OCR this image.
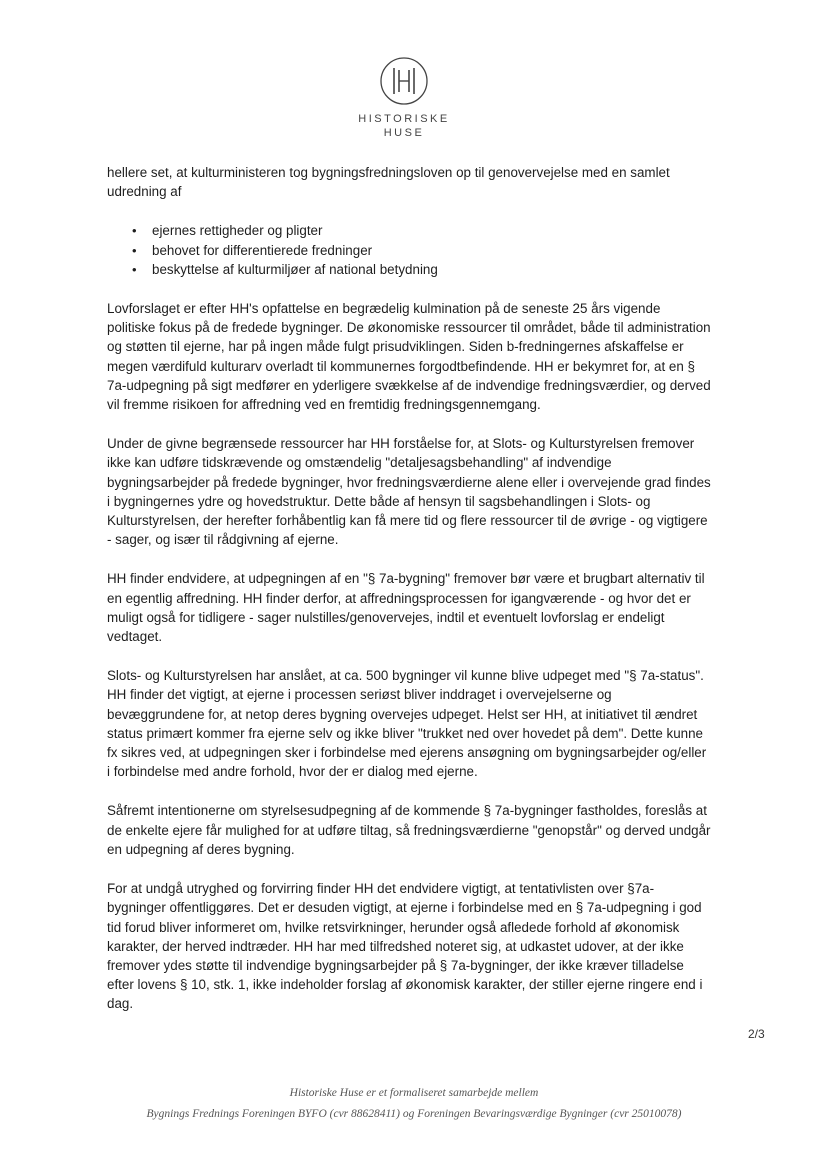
HISTORISKE
HUSE

hellere set, at kulturministeren tog bygningsfredningsloven op til genovervejelse med en samlet udredning af

• ejernes rettigheder og pligter
• behovet for differentierede fredninger
• beskyttelse af kulturmiljøer af national betydning

Lovforslaget er efter HH's opfattelse en begrædelig kulmination på de seneste 25 års vigende politiske fokus på de fredede bygninger. De økonomiske ressourcer til området, både til administration og støtten til ejerne, har på ingen måde fulgt prisudviklingen. Siden b-fredningernes afskaffelse er megen værdifuld kulturarv overladt til kommunernes forgodtbefindende. HH er bekymret for, at en § 7a-udpegning på sigt medfører en yderligere svækkelse af de indvendige fredningsværdier, og derved vil fremme risikoen for affredning ved en fremtidig fredningsgennemgang.

Under de givne begrænsede ressourcer har HH forståelse for, at Slots- og Kulturstyrelsen fremover ikke kan udføre tidskrævende og omstændelig "detaljesagsbehandling" af indvendige bygningsarbejder på fredede bygninger, hvor fredningsværdierne alene eller i overvejende grad findes i bygningernes ydre og hovedstruktur. Dette både af hensyn til sagsbehandlingen i Slots- og Kulturstyrelsen, der herefter forhåbentlig kan få mere tid og flere ressourcer til de øvrige - og vigtigere - sager, og især til rådgivning af ejerne.

HH finder endvidere, at udpegningen af en "§ 7a-bygning" fremover bør være et brugbart alternativ til en egentlig affredning. HH finder derfor, at affredningsprocessen for igangværende - og hvor det er muligt også for tidligere - sager nulstilles/genovervejes, indtil et eventuelt lovforslag er endeligt vedtaget.

Slots- og Kulturstyrelsen har anslået, at ca. 500 bygninger vil kunne blive udpeget med "§ 7a-status". HH finder det vigtigt, at ejerne i processen seriøst bliver inddraget i overvejelserne og bevæggrundene for, at netop deres bygning overvejes udpeget. Helst ser HH, at initiativet til ændret status primært kommer fra ejerne selv og ikke bliver "trukket ned over hovedet på dem". Dette kunne fx sikres ved, at udpegningen sker i forbindelse med ejerens ansøgning om bygningsarbejder og/eller i forbindelse med andre forhold, hvor der er dialog med ejerne.

Såfremt intentionerne om styrelsesudpegning af de kommende § 7a-bygninger fastholdes, foreslås at de enkelte ejere får mulighed for at udføre tiltag, så fredningsværdierne "genopstår" og derved undgår en udpegning af deres bygning.

For at undgå utryghed og forvirring finder HH det endvidere vigtigt, at tentativlisten over §7a-bygninger offentliggøres. Det er desuden vigtigt, at ejerne i forbindelse med en § 7a-udpegning i god tid forud bliver informeret om, hvilke retsvirkninger, herunder også afledede forhold af økonomisk karakter, der herved indtræder. HH har med tilfredshed noteret sig, at udkastet udover, at der ikke fremover ydes støtte til indvendige bygningsarbejder på § 7a-bygninger, der ikke kræver tilladelse efter lovens § 10, stk. 1, ikke indeholder forslag af økonomisk karakter, der stiller ejerne ringere end i dag.

2/3
Historiske Huse er et formaliseret samarbejde mellem
Bygnings Frednings Foreningen BYFO (cvr 88628411) og Foreningen Bevaringsværdige Bygninger (cvr 25010078)
